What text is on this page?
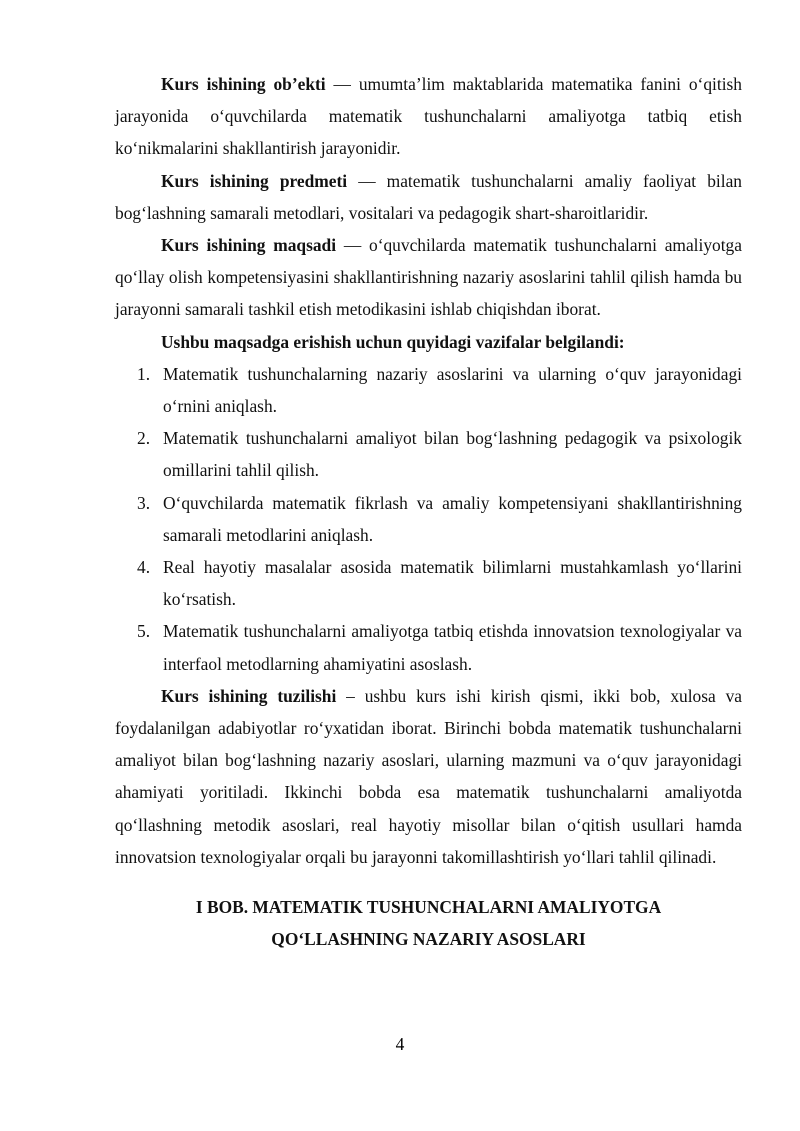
Kurs ishining ob’ekti — umumta’lim maktablarida matematika fanini o‘qitish jarayonida o‘quvchilarda matematik tushunchalarni amaliyotga tatbiq etish ko‘nikmalarini shakllantirish jarayonidir.

Kurs ishining predmeti — matematik tushunchalarni amaliy faoliyat bilan bog‘lashning samarali metodlari, vositalari va pedagogik shart-sharoitlaridir.

Kurs ishining maqsadi — o‘quvchilarda matematik tushunchalarni amaliyotga qo‘llay olish kompetensiyasini shakllantirishning nazariy asoslarini tahlil qilish hamda bu jarayonni samarali tashkil etish metodikasini ishlab chiqishdan iborat.

Ushbu maqsadga erishish uchun quyidagi vazifalar belgilandi:

1. Matematik tushunchalarning nazariy asoslarini va ularning o‘quv jarayonidagi o‘rnini aniqlash.
2. Matematik tushunchalarni amaliyot bilan bog‘lashning pedagogik va psixologik omillarini tahlil qilish.
3. O‘quvchilarda matematik fikrlash va amaliy kompetensiyani shakllantirishning samarali metodlarini aniqlash.
4. Real hayotiy masalalar asosida matematik bilimlarni mustahkamlash yo‘llarini ko‘rsatish.
5. Matematik tushunchalarni amaliyotga tatbiq etishda innovatsion texnologiyalar va interfaol metodlarning ahamiyatini asoslash.

Kurs ishining tuzilishi – ushbu kurs ishi kirish qismi, ikki bob, xulosa va foydalanilgan adabiyotlar ro‘yxatidan iborat. Birinchi bobda matematik tushunchalarni amaliyot bilan bog‘lashning nazariy asoslari, ularning mazmuni va o‘quv jarayonidagi ahamiyati yoritiladi. Ikkinchi bobda esa matematik tushunchalarni amaliyotda qo‘llashning metodik asoslari, real hayotiy misollar bilan o‘qitish usullari hamda innovatsion texnologiyalar orqali bu jarayonni takomillashtirish yo‘llari tahlil qilinadi.

I BOB. MATEMATIK TUSHUNCHALARNI AMALIYOTGA
QO‘LLASHNING NAZARIY ASOSLARI
4
